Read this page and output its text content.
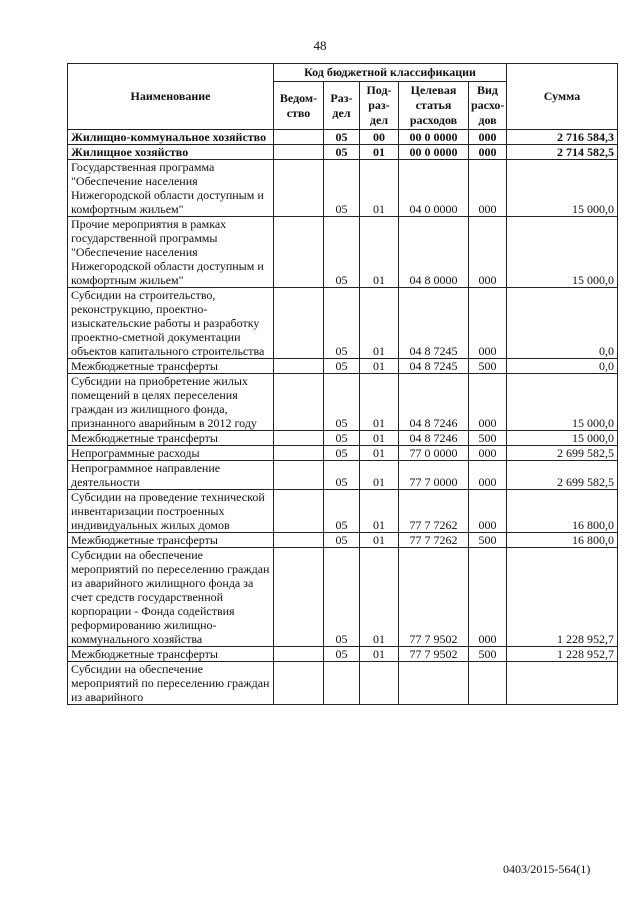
48
Наименование	Код бюджетной классификации					Сумма
	Ведом-ство	Раз-дел	Под-раз-дел	Целевая статья расходов	Вид расхо-дов	
Жилищно-коммунальное хозяйство		05	00	00 0 0000	000	2 716 584,3
Жилищное хозяйство		05	01	00 0 0000	000	2 714 582,5
Государственная программа "Обеспечение населения Нижегородской области доступным и комфортным жильем"		05	01	04 0 0000	000	15 000,0
Прочие мероприятия в рамках государственной программы "Обеспечение населения Нижегородской области доступным и комфортным жильем"		05	01	04 8 0000	000	15 000,0
Субсидии на строительство, реконструкцию, проектно-изыскательские работы и разработку проектно-сметной документации объектов капитального строительства		05	01	04 8 7245	000	0,0
Межбюджетные трансферты		05	01	04 8 7245	500	0,0
Субсидии на приобретение жилых помещений в целях переселения граждан из жилищного фонда, признанного аварийным в 2012 году		05	01	04 8 7246	000	15 000,0
Межбюджетные трансферты		05	01	04 8 7246	500	15 000,0
Непрограммные расходы		05	01	77 0 0000	000	2 699 582,5
Непрограммное направление деятельности		05	01	77 7 0000	000	2 699 582,5
Субсидии на проведение технической инвентаризации построенных индивидуальных жилых домов		05	01	77 7 7262	000	16 800,0
Межбюджетные трансферты		05	01	77 7 7262	500	16 800,0
Субсидии на обеспечение мероприятий по переселению граждан из аварийного жилищного фонда за счет средств государственной корпорации - Фонда содействия реформированию жилищно-коммунального хозяйства		05	01	77 7 9502	000	1 228 952,7
Межбюджетные трансферты		05	01	77 7 9502	500	1 228 952,7
Субсидии на обеспечение мероприятий по переселению граждан из аварийного						
0403/2015-564(1)
